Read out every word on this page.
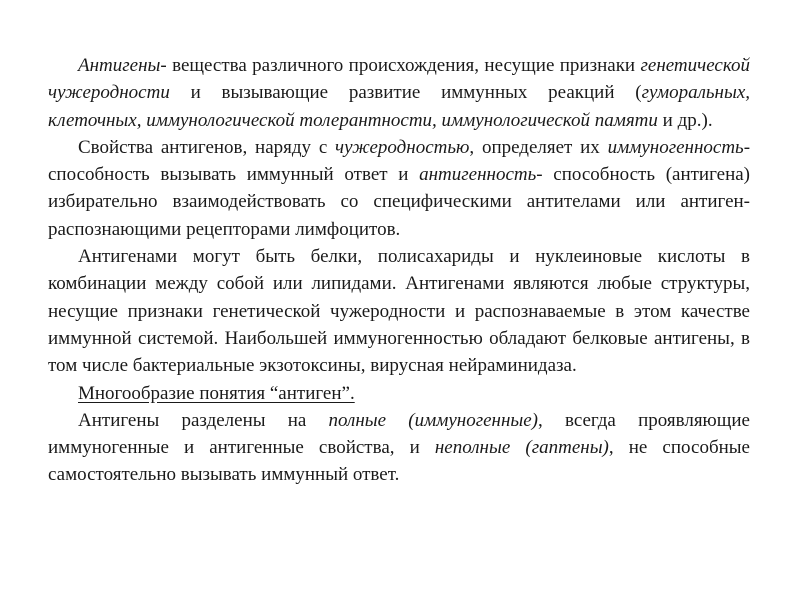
Антигены- вещества различного происхождения, несущие признаки генетической чужеродности и вызывающие развитие иммунных реакций (гуморальных, клеточных, иммунологической толерантности, иммунологической памяти и др.).

Свойства антигенов, наряду с чужеродностью, определяет их иммуногенность- способность вызывать иммунный ответ и антигенность- способность (антигена) избирательно взаимодействовать со специфическими антителами или антиген- распознающими рецепторами лимфоцитов.

Антигенами могут быть белки, полисахариды и нуклеиновые кислоты в комбинации между собой или липидами. Антигенами являются любые структуры, несущие признаки генетической чужеродности и распознаваемые в этом качестве иммунной системой. Наибольшей иммуногенностью обладают белковые антигены, в том числе бактериальные экзотоксины, вирусная нейраминидаза.

Многообразие понятия “антиген”.

Антигены разделены на полные (иммуногенные), всегда проявляющие иммуногенные и антигенные свойства, и неполные (гаптены), не способные самостоятельно вызывать иммунный ответ.
